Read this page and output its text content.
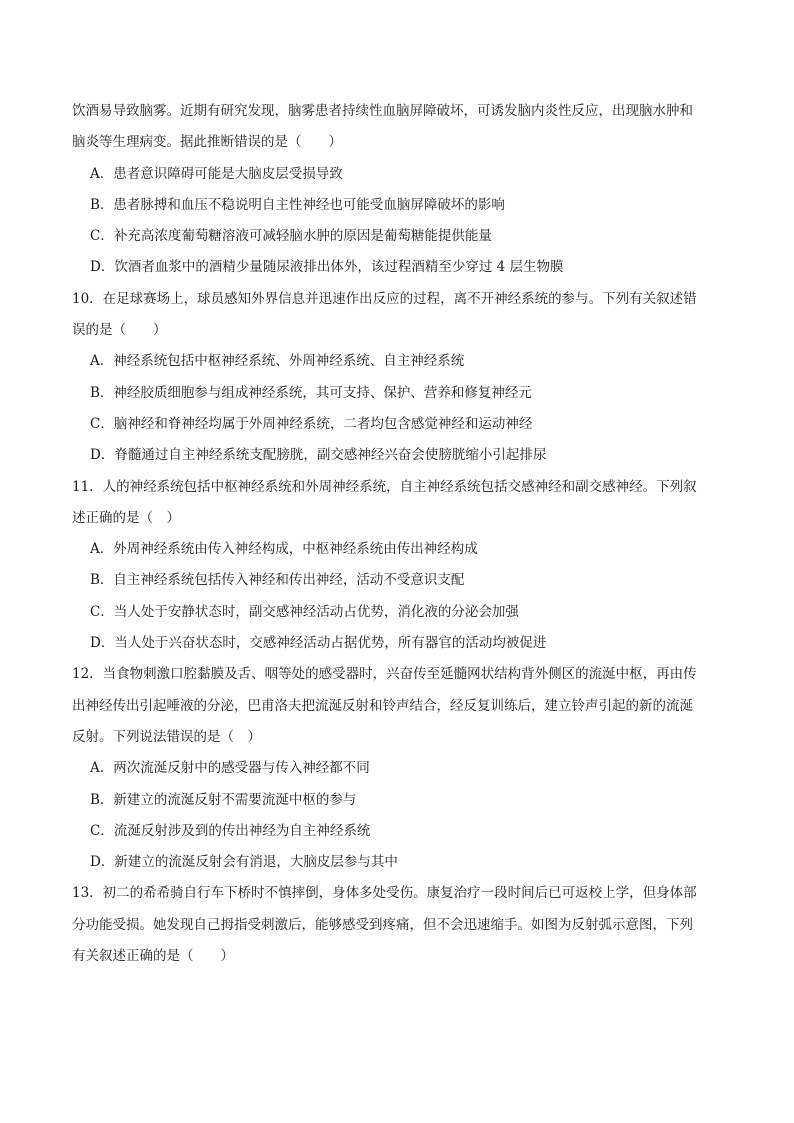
饮酒易导致脑雾。近期有研究发现，脑雾患者持续性血脑屏障破坏，可诱发脑内炎性反应，出现脑水肿和
脑炎等生理病变。据此推断错误的是（　　）
A．患者意识障碍可能是大脑皮层受损导致
B．患者脉搏和血压不稳说明自主性神经也可能受血脑屏障破坏的影响
C．补充高浓度葡萄糖溶液可减轻脑水肿的原因是葡萄糖能提供能量
D．饮酒者血浆中的酒精少量随尿液排出体外，该过程酒精至少穿过 4 层生物膜
10．在足球赛场上，球员感知外界信息并迅速作出反应的过程，离不开神经系统的参与。下列有关叙述错
误的是（　　）
A．神经系统包括中枢神经系统、外周神经系统、自主神经系统
B．神经胶质细胞参与组成神经系统，其可支持、保护、营养和修复神经元
C．脑神经和脊神经均属于外周神经系统，二者均包含感觉神经和运动神经
D．脊髓通过自主神经系统支配膀胱，副交感神经兴奋会使膀胱缩小引起排尿
11．人的神经系统包括中枢神经系统和外周神经系统，自主神经系统包括交感神经和副交感神经。下列叙
述正确的是（　）
A．外周神经系统由传入神经构成，中枢神经系统由传出神经构成
B．自主神经系统包括传入神经和传出神经，活动不受意识支配
C．当人处于安静状态时，副交感神经活动占优势，消化液的分泌会加强
D．当人处于兴奋状态时，交感神经活动占据优势，所有器官的活动均被促进
12．当食物刺激口腔黏膜及舌、咽等处的感受器时，兴奋传至延髓网状结构背外侧区的流涎中枢，再由传
出神经传出引起唾液的分泌，巴甫洛夫把流涎反射和铃声结合，经反复训练后，建立铃声引起的新的流涎
反射。下列说法错误的是（　）
A．两次流涎反射中的感受器与传入神经都不同
B．新建立的流涎反射不需要流涎中枢的参与
C．流涎反射涉及到的传出神经为自主神经系统
D．新建立的流涎反射会有消退，大脑皮层参与其中
13．初二的希希骑自行车下桥时不慎摔倒，身体多处受伤。康复治疗一段时间后已可返校上学，但身体部
分功能受损。她发现自己拇指受刺激后，能够感受到疼痛，但不会迅速缩手。如图为反射弧示意图，下列
有关叙述正确的是（　　）
